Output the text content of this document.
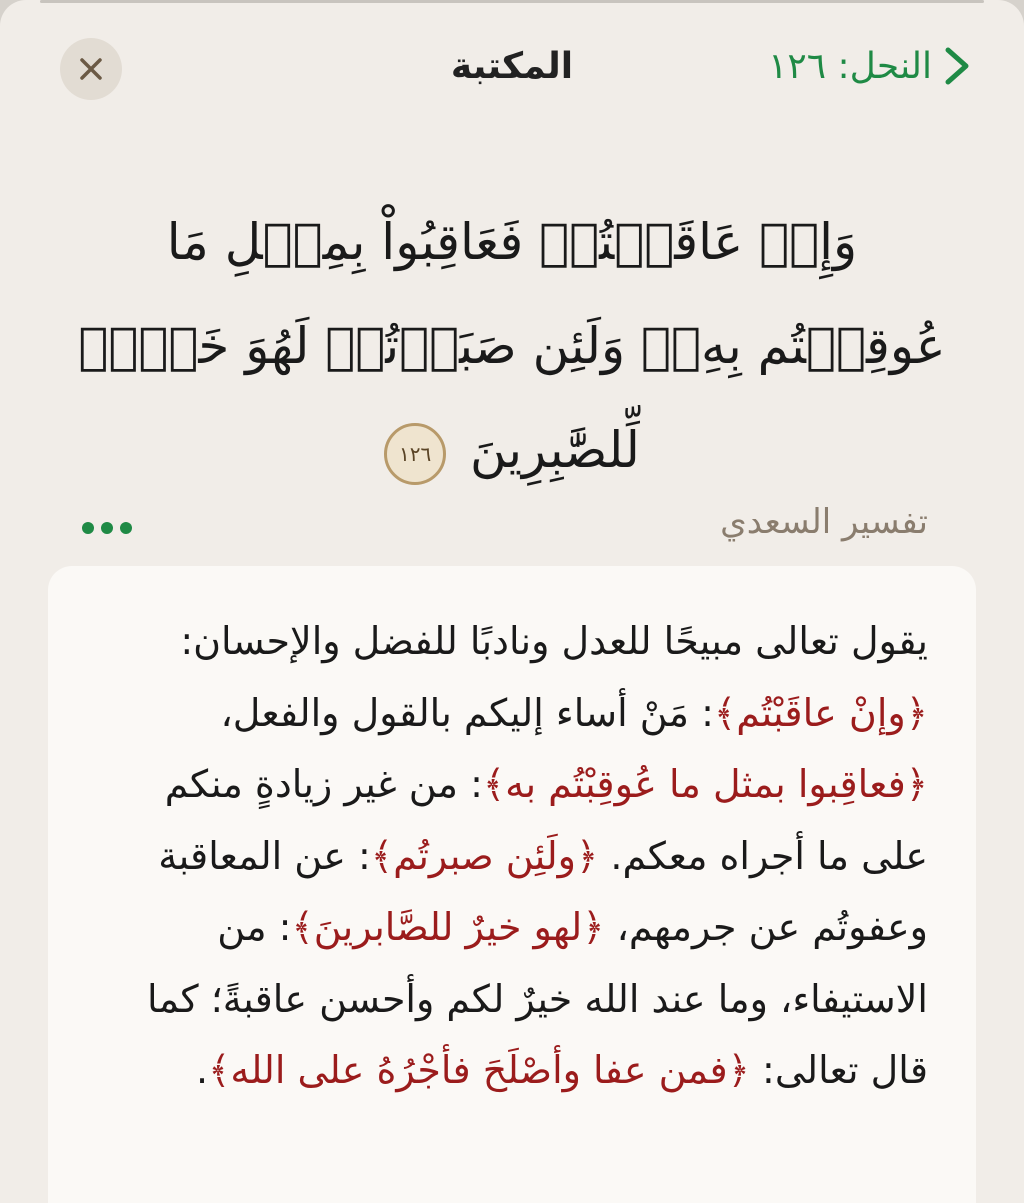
المكتبة	النحل: ١٢٦
وَإِنۡ عَاقَبۡتُمۡ فَعَاقِبُواْ بِمِثۡلِ مَا عُوقِبۡتُم بِهِۦۖ وَلَئِن صَبَرۡتُمۡ لَهُوَ خَيۡرٞ لِّلصَّٰبِرِينَ ١٢٦
تفسير السعدي
يقول تعالى مبيحًا للعدل ونادبًا للفضل والإحسان: ﴿وإنْ عاقَبْتُم﴾: مَنْ أساء إليكم بالقول والفعل، ﴿فعاقِبوا بمثل ما عُوقِبْتُم به﴾: من غير زيادةٍ منكم على ما أجراه معكم. ﴿ولَئِن صبرتُم﴾: عن المعاقبة وعفوتُم عن جرمهم، ﴿لهو خيرٌ للصَّابرينَ﴾: من الاستيفاء، وما عند الله خيرٌ لكم وأحسن عاقبةً؛ كما قال تعالى: ﴿فمن عفا وأصْلَحَ فأجْرُهُ على الله﴾.
